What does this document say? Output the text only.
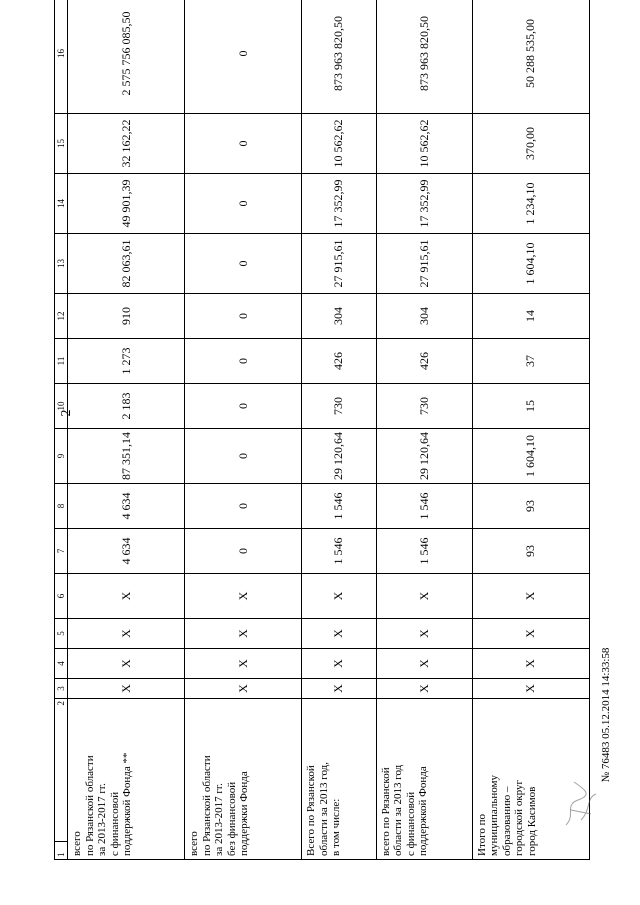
2
1	2	3	4	5	6	7	8	9	10	11	12	13	14	15	16					
всего
по Рязанской области
за 2013-2017 гг.
с финансовой
поддержкой Фонда **		X	X	X	X	4 634	4 634	87 351,14	2 183	1 273	910	82 063,61	49 901,39	32 162,22	2 575 756 085,50					
всего
по Рязанской области
за 2013-2017 гг.
без финансовой
поддержки Фонда		X	X	X	X	0	0	0	0	0	0	0	0	0	0					
Всего по Рязанской
области за 2013 год,
в том числе:		X	X	X	X	1 546	1 546	29 120,64	730	426	304	27 915,61	17 352,99	10 562,62	873 963 820,50					
всего по Рязанской
области за 2013 год
с финансовой
поддержкой Фонда		X	X	X	X	1 546	1 546	29 120,64	730	426	304	27 915,61	17 352,99	10 562,62	873 963 820,50					
Итого по
муниципальному
образованию –
городской округ
город Касимов		X	X	X	X	93	93	1 604,10	15	37	14	1 604,10	1 234,10	370,00	50 288 535,00					
№ 76483 05.12.2014 14:33:58
